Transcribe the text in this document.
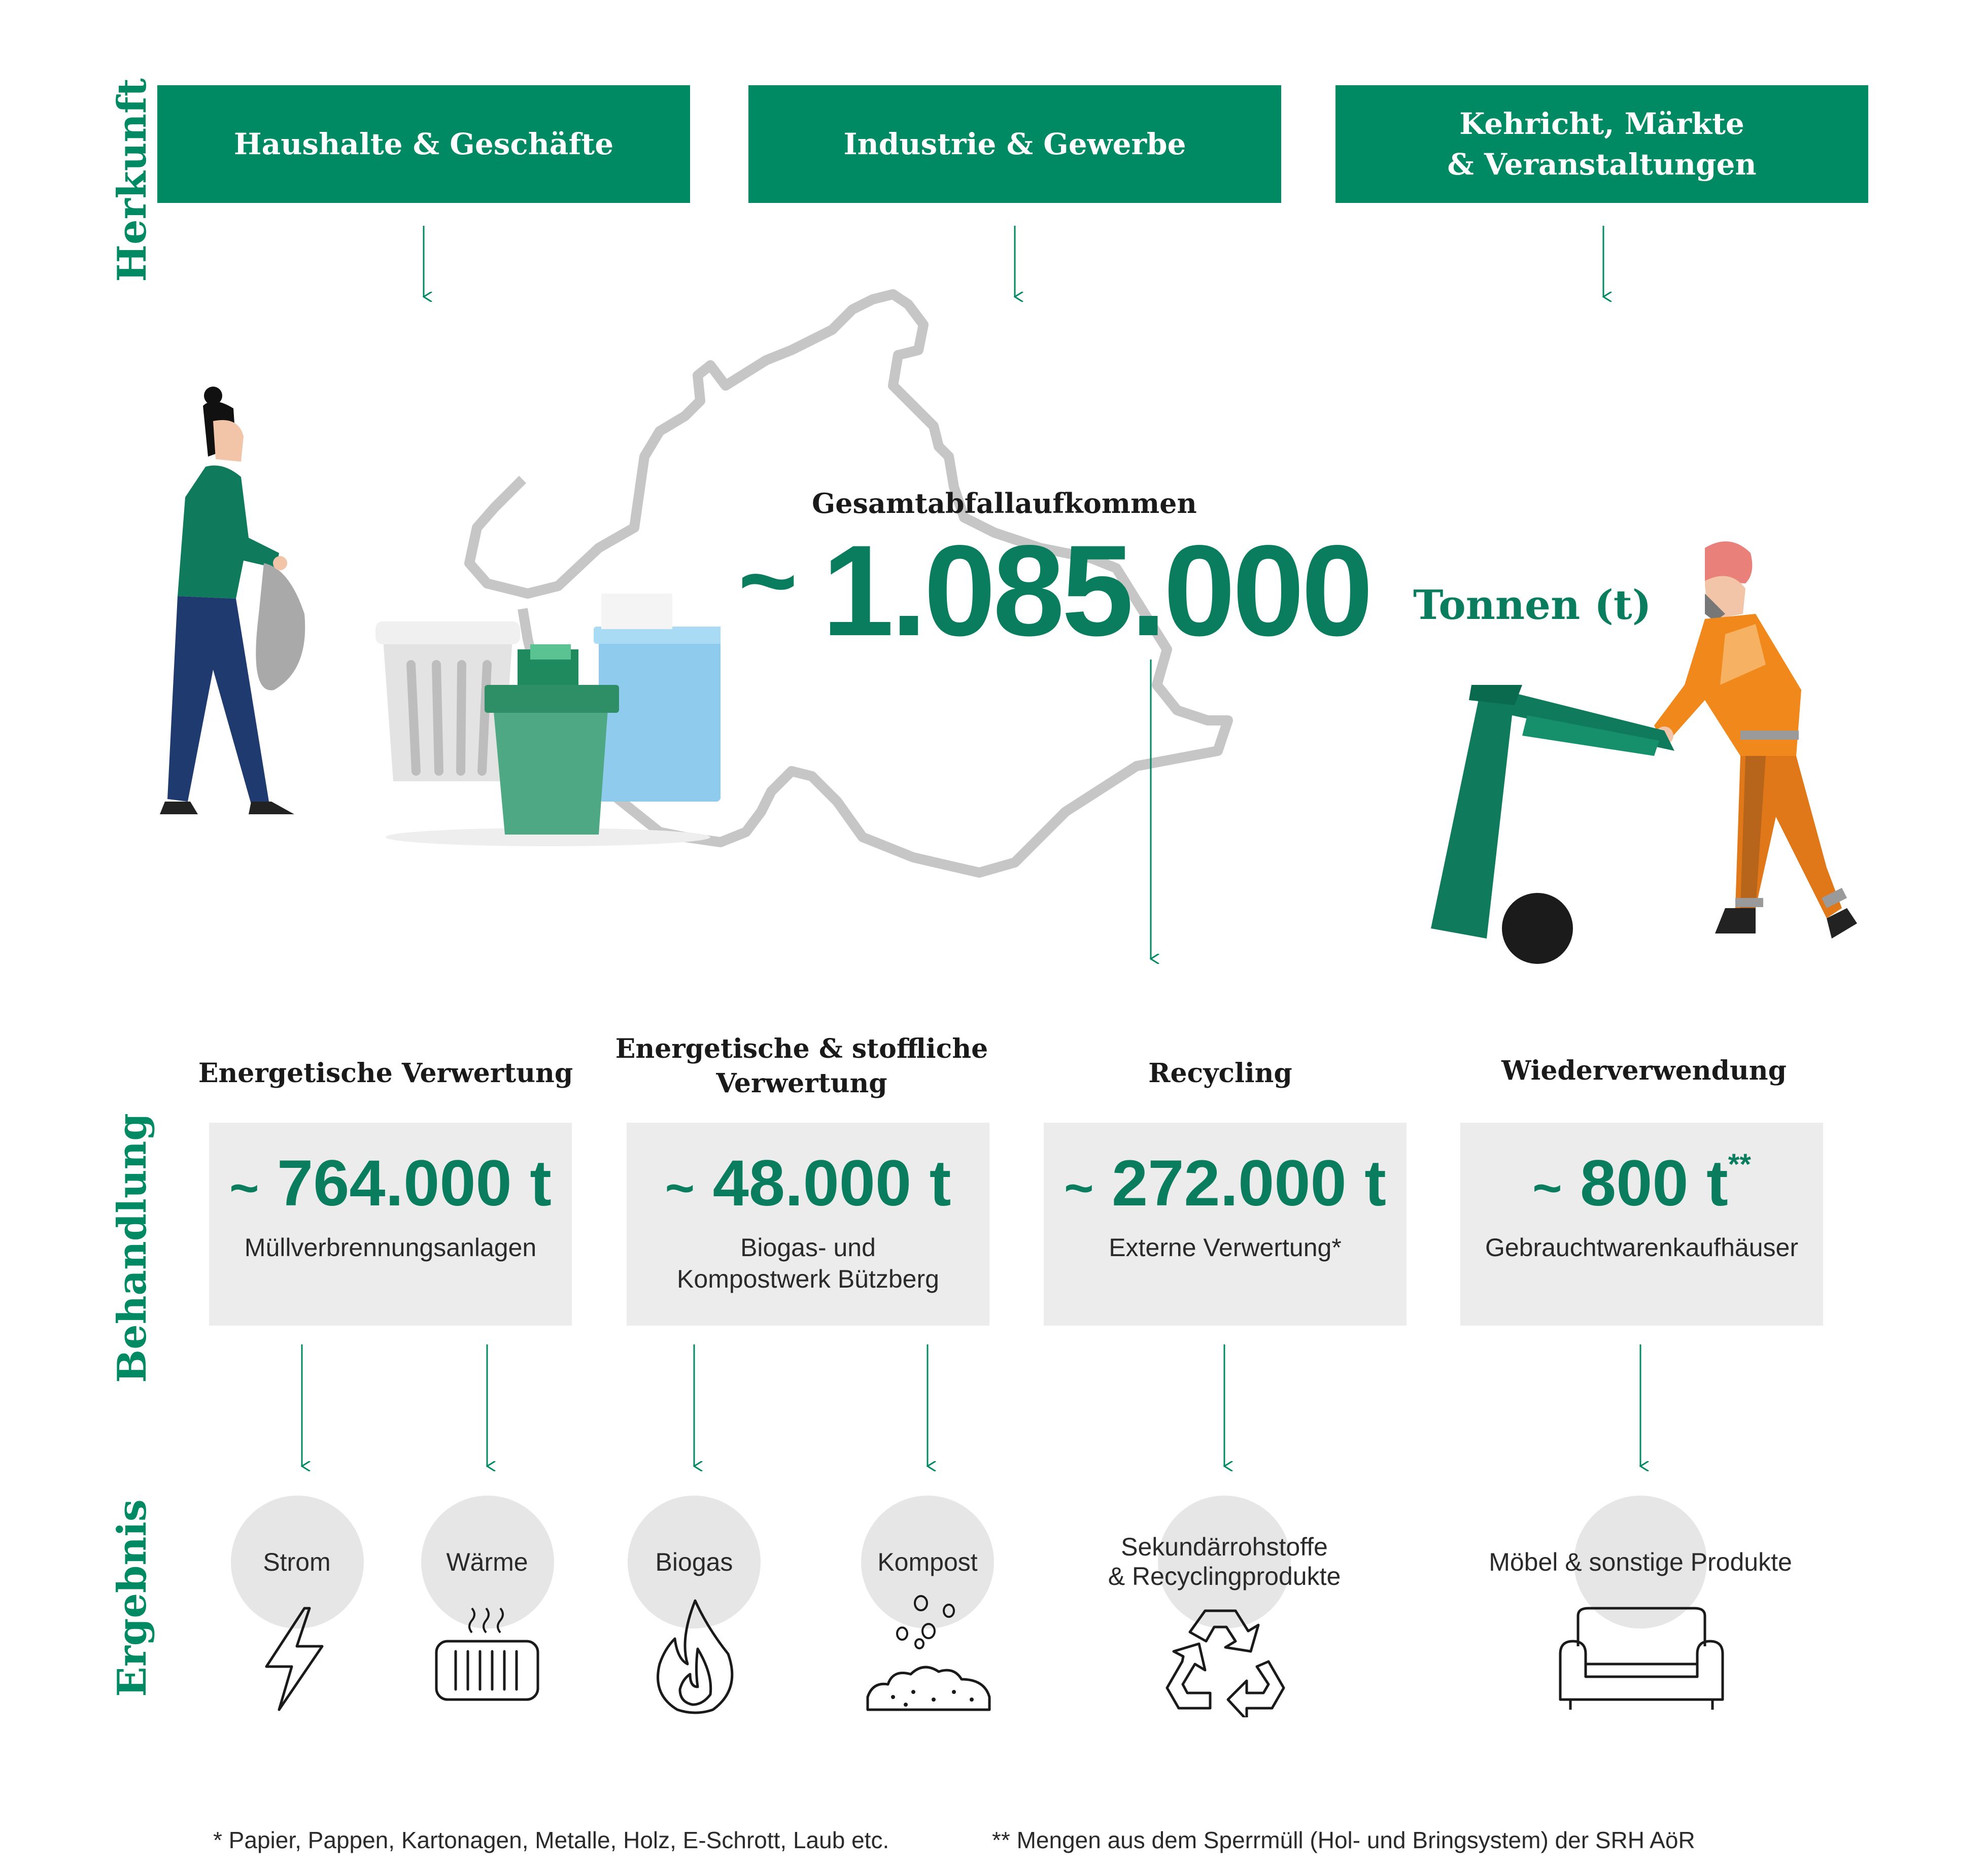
Herkunft
Behandlung
Ergebnis
Haushalte & Geschäfte	Industrie & Gewerbe
Kehricht, Märkte
& Veranstaltungen
Gesamtabfallaufkommen
~ 1.085.000 Tonnen (t)
Energetische Verwertung
Energetische & stoffliche
Verwertung	Recycling	Wiederverwendung
~ 764.000 t
Müllverbrennungsanlagen
~ 48.000 t
Biogas- und
Kompostwerk Bützberg
~ 272.000 t
Externe Verwertung*
~ 800 t**
Gebrauchtwarenkaufhäuser
Strom	Wärme	Biogas	Kompost
Sekundärrohstoffe
& Recyclingprodukte	Möbel & sonstige Produkte
* Papier, Pappen, Kartonagen, Metalle, Holz, E-Schrott, Laub etc.	** Mengen aus dem Sperrmüll (Hol- und Bringsystem) der SRH AöR
